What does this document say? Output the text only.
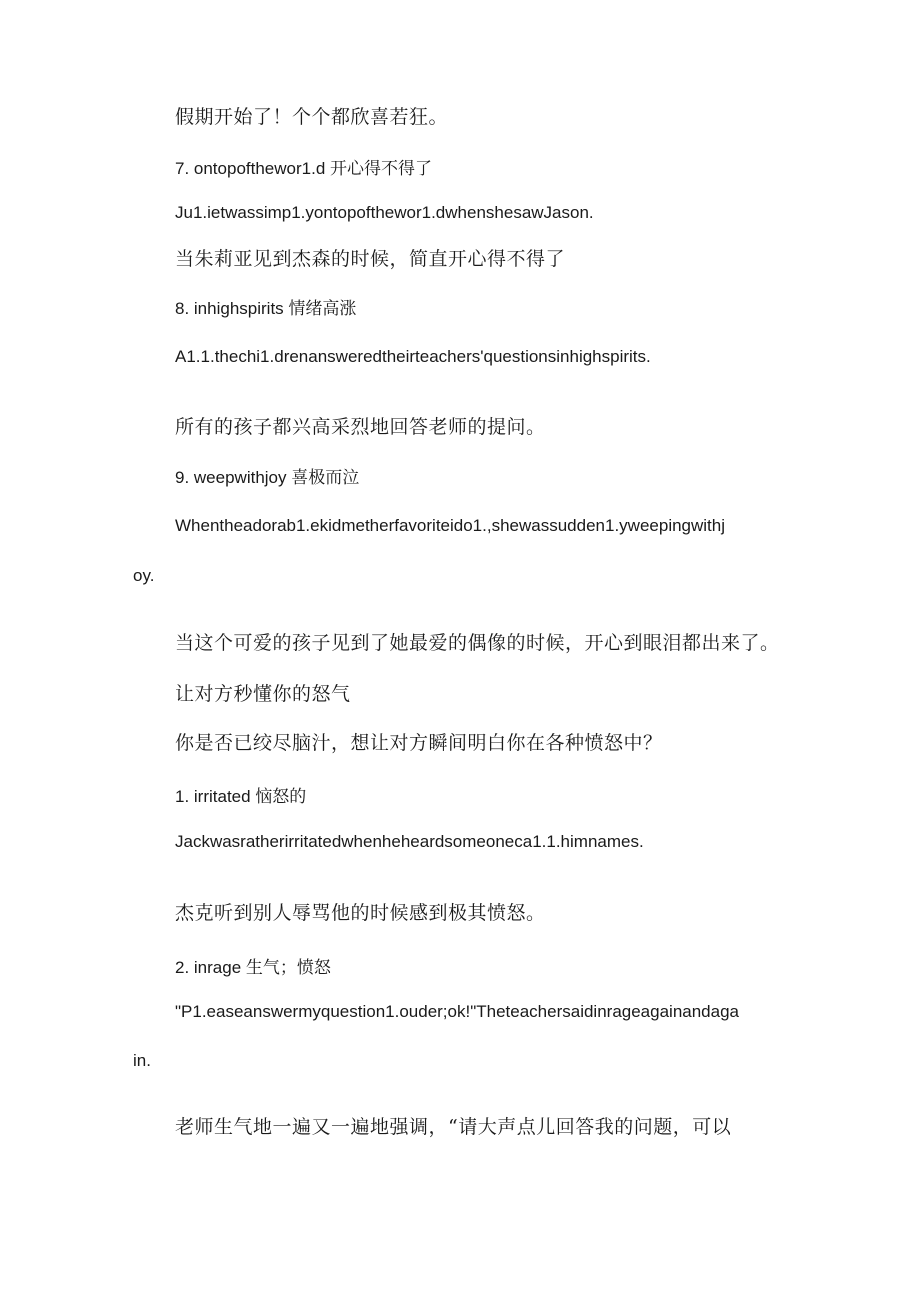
假期开始了！个个都欣喜若狂。

7. ontopofthewor1.d 开心得不得了

Ju1.ietwassimp1.yontopofthewor1.dwhenshesawJason.

当朱莉亚见到杰森的时候，简直开心得不得了

8. inhighspirits 情绪高涨

A1.1.thechi1.drenansweredtheirteachers'questionsinhighspirits.

所有的孩子都兴高采烈地回答老师的提问。

9. weepwithjoy 喜极而泣

Whentheadorab1.ekidmetherfavoriteido1.,shewassudden1.yweepingwithj

oy.

当这个可爱的孩子见到了她最爱的偶像的时候，开心到眼泪都出来了。

让对方秒懂你的怒气

你是否已绞尽脑汁，想让对方瞬间明白你在各种愤怒中？

1. irritated 恼怒的

Jackwasratherirritatedwhenheheardsomeoneca1.1.himnames.

杰克听到别人辱骂他的时候感到极其愤怒。

2. inrage 生气；愤怒

"P1.easeanswermyquestion1.ouder;ok!"Theteachersaidinrageagainandaga

in.

老师生气地一遍又一遍地强调，“请大声点儿回答我的问题，可以
